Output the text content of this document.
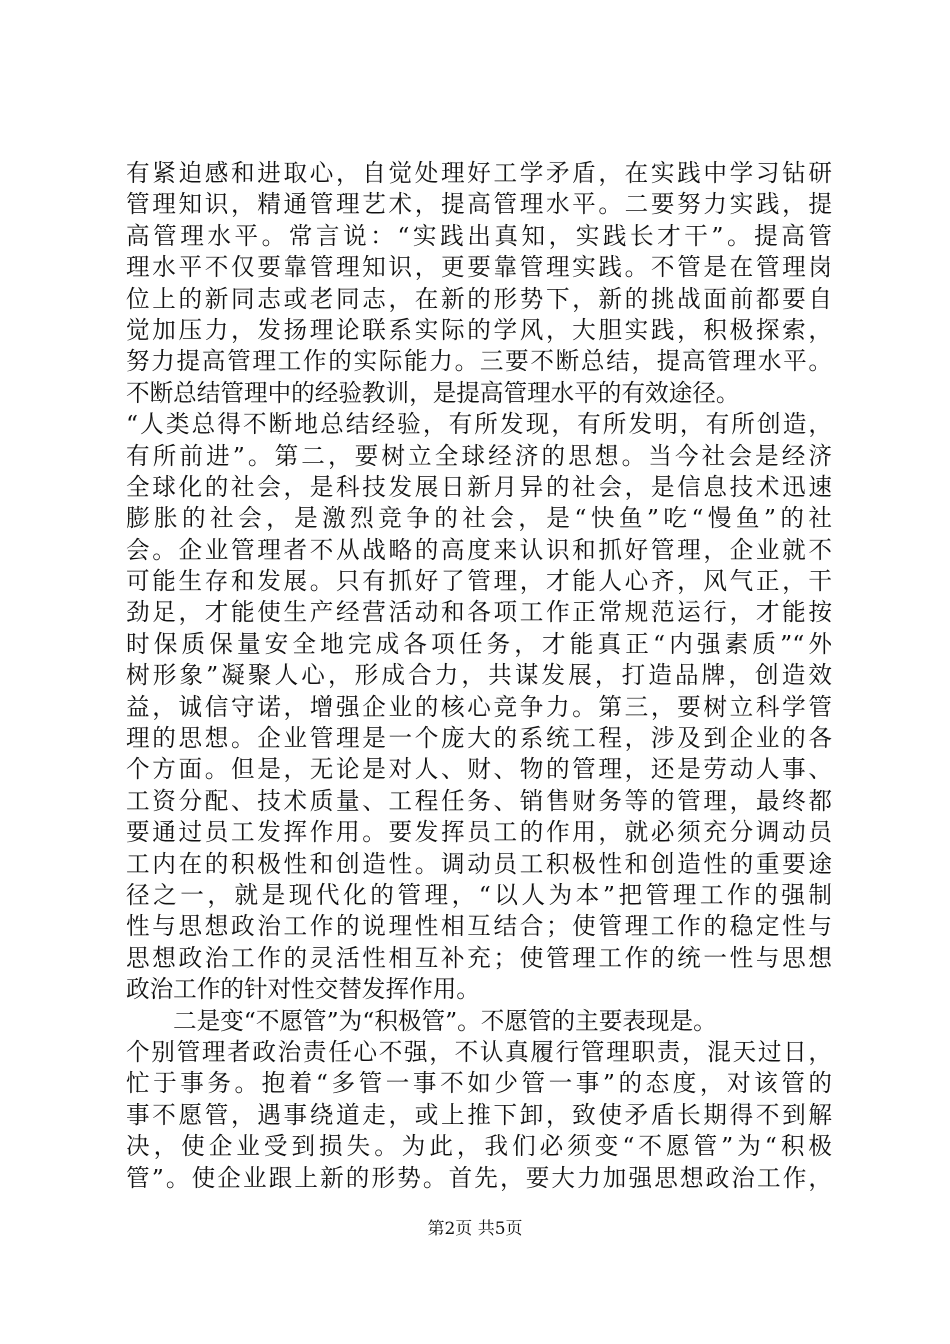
有紧迫感和进取心，自觉处理好工学矛盾，在实践中学习钻研
管理知识，精通管理艺术，提高管理水平。二要努力实践，提
高管理水平。常言说：“实践出真知，实践长才干”。提高管
理水平不仅要靠管理知识，更要靠管理实践。不管是在管理岗
位上的新同志或老同志，在新的形势下，新的挑战面前都要自
觉加压力，发扬理论联系实际的学风，大胆实践，积极探索，
努力提高管理工作的实际能力。三要不断总结，提高管理水平。
不断总结管理中的经验教训，是提高管理水平的有效途径。
“人类总得不断地总结经验，有所发现，有所发明，有所创造，
有所前进”。第二，要树立全球经济的思想。当今社会是经济
全球化的社会，是科技发展日新月异的社会，是信息技术迅速
膨胀的社会，是激烈竞争的社会，是“快鱼”吃“慢鱼”的社
会。企业管理者不从战略的高度来认识和抓好管理，企业就不
可能生存和发展。只有抓好了管理，才能人心齐，风气正，干
劲足，才能使生产经营活动和各项工作正常规范运行，才能按
时保质保量安全地完成各项任务，才能真正“内强素质”“外
树形象”凝聚人心，形成合力，共谋发展，打造品牌，创造效
益，诚信守诺，增强企业的核心竞争力。第三，要树立科学管
理的思想。企业管理是一个庞大的系统工程，涉及到企业的各
个方面。但是，无论是对人、财、物的管理，还是劳动人事、
工资分配、技术质量、工程任务、销售财务等的管理，最终都
要通过员工发挥作用。要发挥员工的作用，就必须充分调动员
工内在的积极性和创造性。调动员工积极性和创造性的重要途
径之一，就是现代化的管理，“以人为本”把管理工作的强制
性与思想政治工作的说理性相互结合；使管理工作的稳定性与
思想政治工作的灵活性相互补充；使管理工作的统一性与思想
政治工作的针对性交替发挥作用。
二是变“不愿管”为“积极管”。不愿管的主要表现是。
个别管理者政治责任心不强，不认真履行管理职责，混天过日，
忙于事务。抱着“多管一事不如少管一事”的态度，对该管的
事不愿管，遇事绕道走，或上推下卸，致使矛盾长期得不到解
决，使企业受到损失。为此，我们必须变“不愿管”为“积极
管”。使企业跟上新的形势。首先，要大力加强思想政治工作，
第2页 共5页
